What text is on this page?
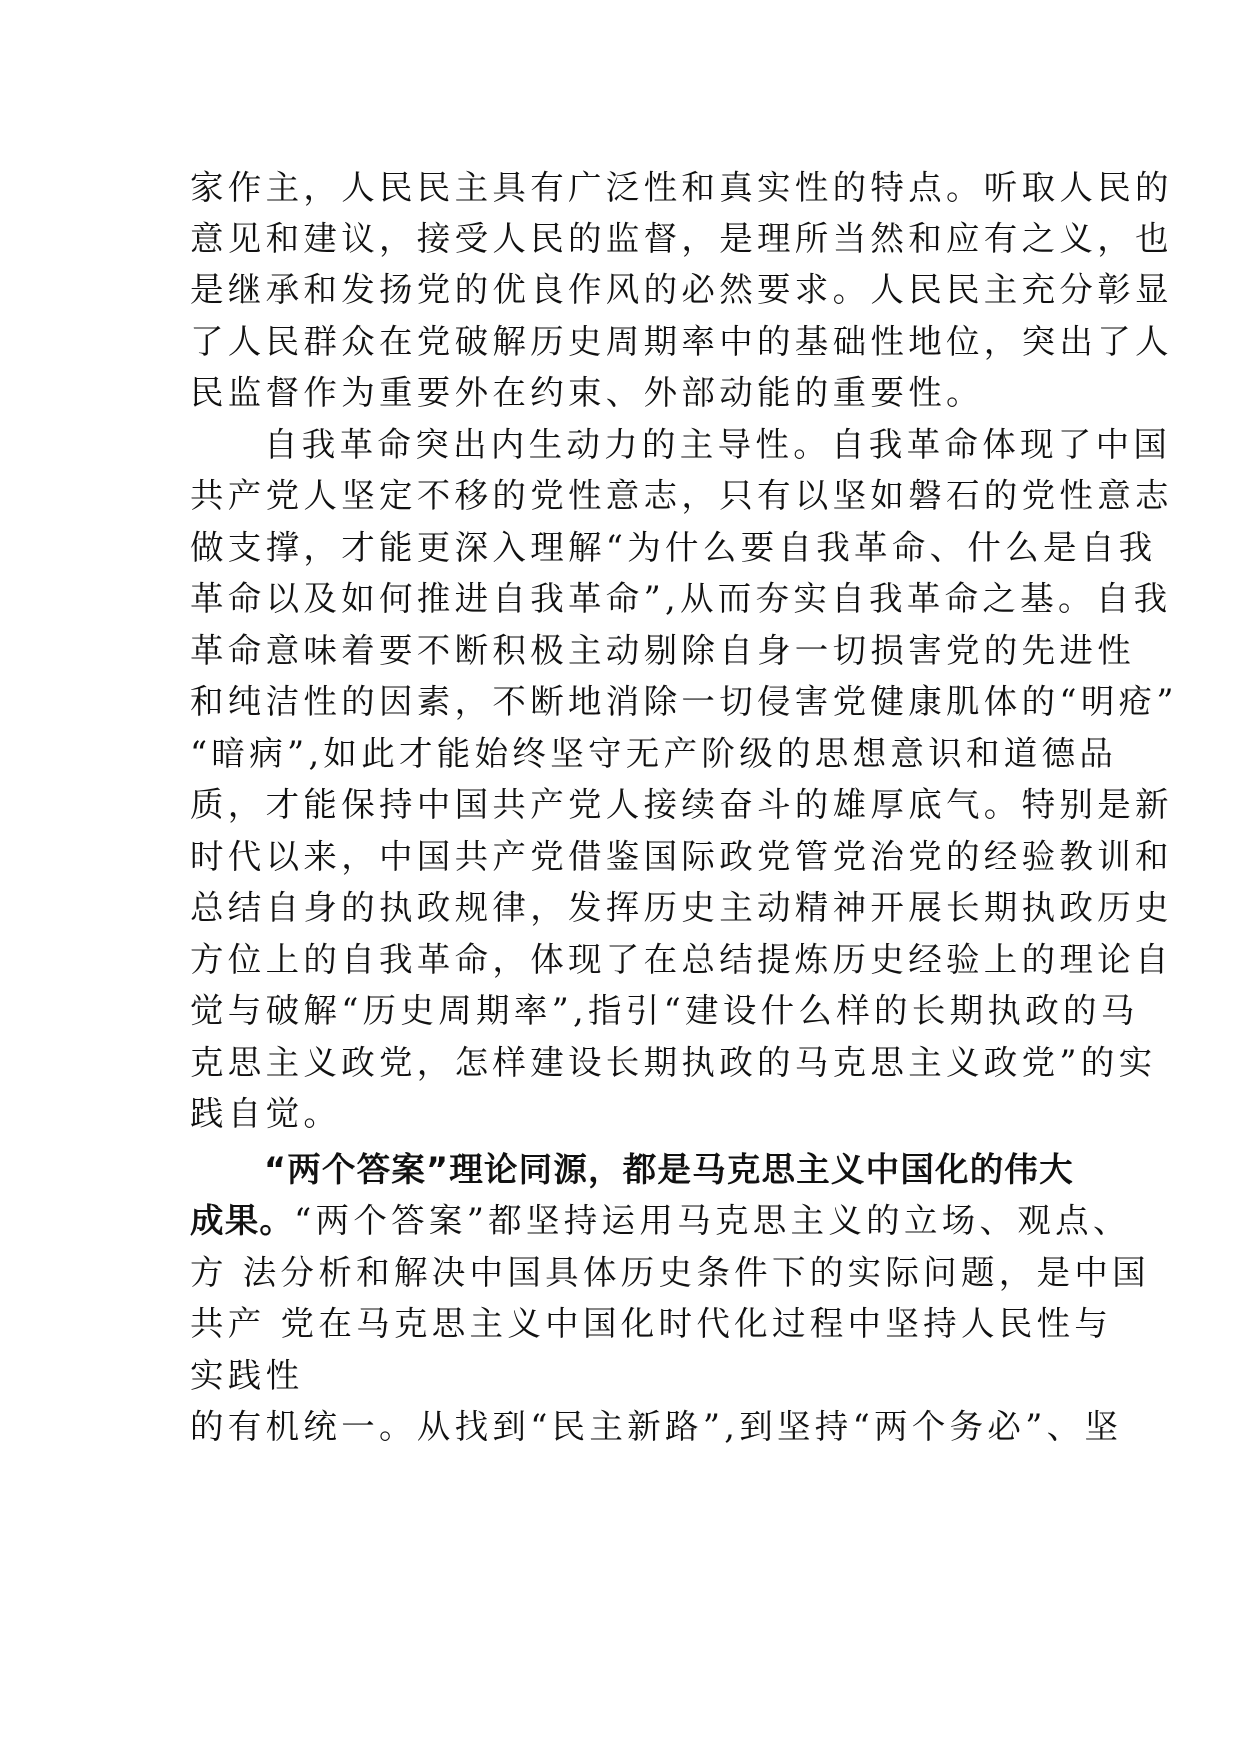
家作主，人民民主具有广泛性和真实性的特点。听取人民的
意见和建议，接受人民的监督，是理所当然和应有之义，也
是继承和发扬党的优良作风的必然要求。人民民主充分彰显
了人民群众在党破解历史周期率中的基础性地位，突出了人
民监督作为重要外在约束、外部动能的重要性。
自我革命突出内生动力的主导性。自我革命体现了中国
共产党人坚定不移的党性意志，只有以坚如磐石的党性意志
做支撑，才能更深入理解“为什么要自我革命、什么是自我
革命以及如何推进自我革命”,从而夯实自我革命之基。自我
革命意味着要不断积极主动剔除自身一切损害党的先进性
和纯洁性的因素，不断地消除一切侵害党健康肌体的“明疮”
“暗病”,如此才能始终坚守无产阶级的思想意识和道德品
质，才能保持中国共产党人接续奋斗的雄厚底气。特别是新
时代以来，中国共产党借鉴国际政党管党治党的经验教训和
总结自身的执政规律，发挥历史主动精神开展长期执政历史
方位上的自我革命，体现了在总结提炼历史经验上的理论自
觉与破解“历史周期率”,指引“建设什么样的长期执政的马
克思主义政党，怎样建设长期执政的马克思主义政党”的实
践自觉。
“两个答案”理论同源，都是马克思主义中国化的伟大
成果。“两个答案”都坚持运用马克思主义的立场、观点、
方 法分析和解决中国具体历史条件下的实际问题，是中国
共产 党在马克思主义中国化时代化过程中坚持人民性与
实践性
的有机统一。从找到“民主新路”,到坚持“两个务必”、坚
